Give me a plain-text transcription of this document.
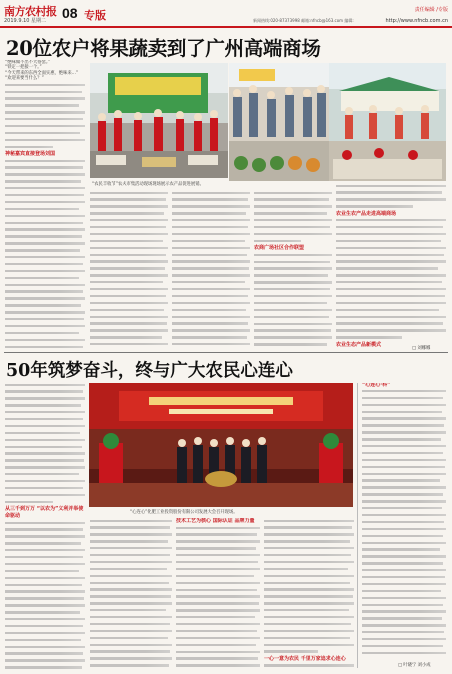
南方农村报
2019.9.10 星期二 08 专版	责任编辑 /专版
新闻热线:020-87373998 邮箱:nfncb@163.com 编辑:	http://www.nfncb.com.cn
20位农户将果蔬卖到了广州高端商场
“绝味做不出不大俗套。”
“铁定一把接一个。”
“今天带来的东西全面实惠，绝味来…”
“欢迎来要当什么？”
神秘嘉宾直接登场刘国
“农民丰收节”农夫市集活动现场现场展示农产品促进展销。
农商广场社区合作联盟
农业生农产品走进高端商场
农业生态产品新模式
□ 刘娜娜
50年筑梦奋斗，终与广大农民心连心
从三千到万万 “以农为”义利并举使命驱动
“心连心”化肥工业投资股份有限公司发展大会召开现场。
技术工艺为核心 国际认证 品牌力量
一心一意为农民 千里万家追求心连心
“心连心·科”
□ 叶晓宁 刘小成
